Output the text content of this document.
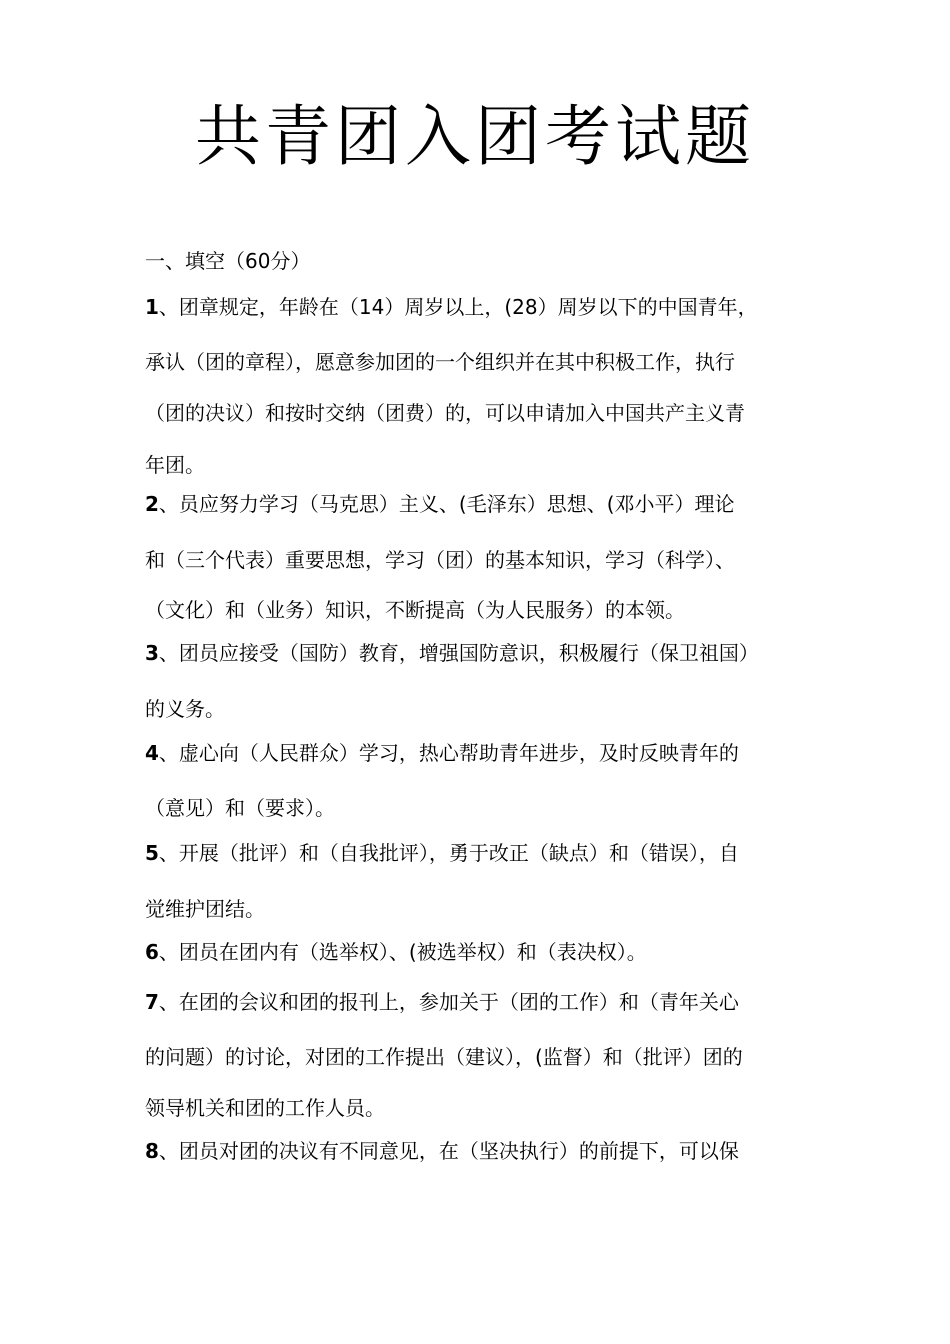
共青团入团考试题

一、填空（60分）

1、团章规定，年龄在（14）周岁以上，(28）周岁以下的中国青年，
承认（团的章程），愿意参加团的一个组织并在其中积极工作，执行
（团的决议）和按时交纳（团费）的，可以申请加入中国共产主义青
年团。
2、员应努力学习（马克思）主义、(毛泽东）思想、(邓小平）理论
和（三个代表）重要思想，学习（团）的基本知识，学习（科学）、
（文化）和（业务）知识，不断提高（为人民服务）的本领。
3、团员应接受（国防）教育，增强国防意识，积极履行（保卫祖国）
的义务。
4、虚心向（人民群众）学习，热心帮助青年进步，及时反映青年的
（意见）和（要求）。
5、开展（批评）和（自我批评），勇于改正（缺点）和（错误），自
觉维护团结。
6、团员在团内有（选举权）、(被选举权）和（表决权）。
7、在团的会议和团的报刊上，参加关于（团的工作）和（青年关心
的问题）的讨论，对团的工作提出（建议），(监督）和（批评）团的
领导机关和团的工作人员。
8、团员对团的决议有不同意见，在（坚决执行）的前提下，可以保
